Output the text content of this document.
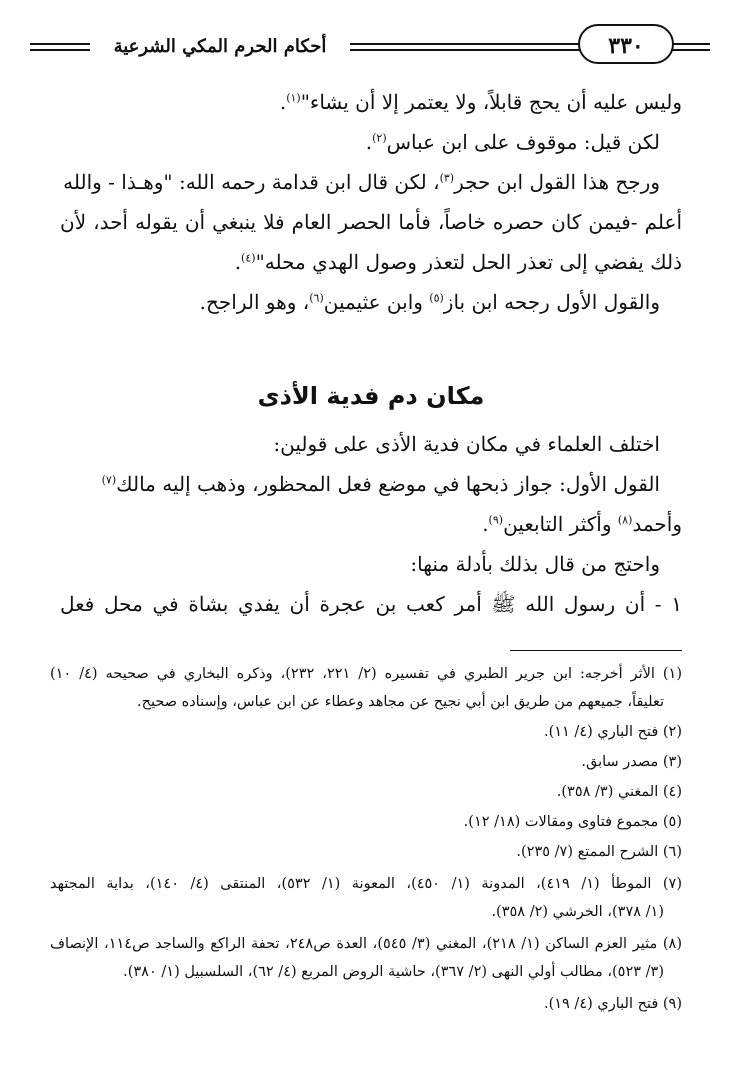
أحكام الحرم المكي الشرعية	٣٣٠
وليس عليه أن يحج قابلاً، ولا يعتمر إلا أن يشاء"$^{(١)}$.
لكن قيل: موقوف على ابن عباس$^{(٢)}$.
ورجح هذا القول ابن حجر$^{(٣)}$، لكن قال ابن قدامة رحمه الله: "وهـذا - والله
أعلم -فيمن كان حصره خاصاً، فأما الحصر العام فلا ينبغي أن يقوله أحد، لأن
ذلك يفضي إلى تعذر الحل لتعذر وصول الهدي محله"$^{(٤)}$.
والقول الأول رجحه ابن باز$^{(٥)}$ وابن عثيمين$^{(٦)}$، وهو الراجح.
مكان دم فدية الأذى
اختلف العلماء في مكان فدية الأذى على قولين:
القول الأول: جواز ذبحها في موضع فعل المحظور، وذهب إليه مالك$^{(٧)}$
وأحمد$^{(٨)}$ وأكثر التابعين$^{(٩)}$.
واحتج من قال بذلك بأدلة منها:
١ - أن رسول الله ﷺ أمر كعب بن عجرة أن يفدي بشاة في محل فعل
(١) الأثر أخرجه: ابن جرير الطبري في تفسيره (٢/ ٢٢١، ٢٣٢)، وذكره البخاري في صحيحه (٤/ ١٠)
تعليقاً، جميعهم من طريق ابن أبي نجيح عن مجاهد وعطاء عن ابن عباس، وإسناده صحيح.
(٢) فتح الباري (٤/ ١١).
(٣) مصدر سابق.
(٤) المغني (٣/ ٣٥٨).
(٥) مجموع فتاوى ومقالات (١٨/ ١٢).
(٦) الشرح الممتع (٧/ ٢٣٥).
(٧) الموطأ (١/ ٤١٩)، المدونة (١/ ٤٥٠)، المعونة (١/ ٥٣٢)، المنتقى (٤/ ١٤٠)، بداية المجتهد
(١/ ٣٧٨)، الخرشي (٢/ ٣٥٨).
(٨) مثير العزم الساكن (١/ ٢١٨)، المغني (٣/ ٥٤٥)، العدة ص٢٤٨، تحفة الراكع والساجد ص١١٤، الإنصاف
(٣/ ٥٢٣)، مطالب أولي النهى (٢/ ٣٦٧)، حاشية الروض المربع (٤/ ٦٢)، السلسبيل (١/ ٣٨٠).
(٩) فتح الباري (٤/ ١٩).
